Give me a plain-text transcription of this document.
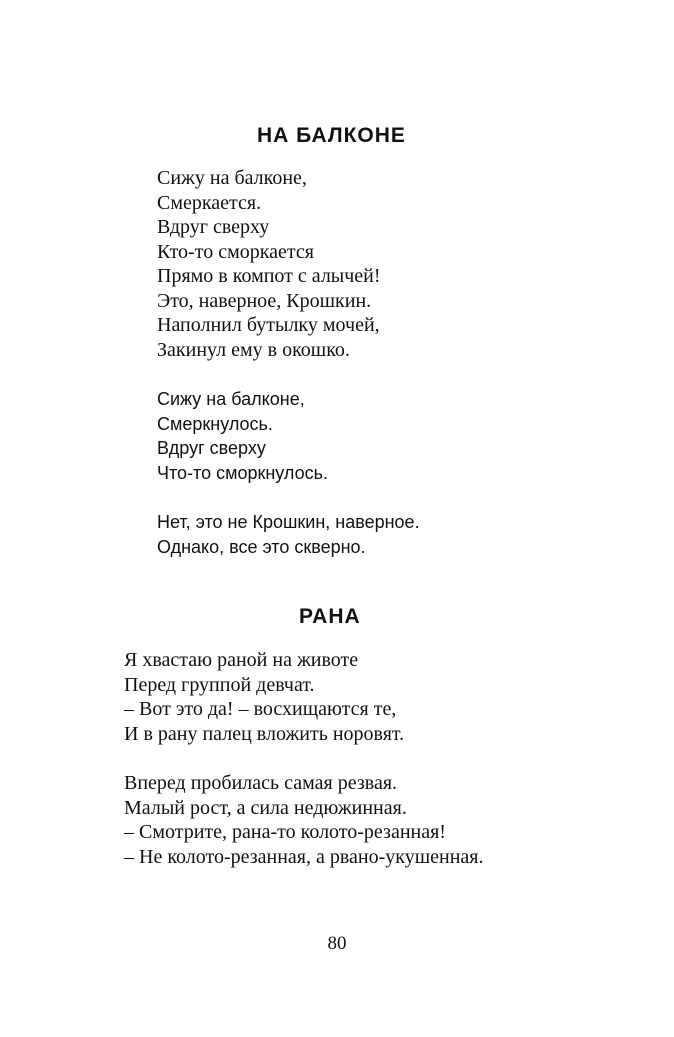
НА БАЛКОНЕ
Сижу на балконе,
Смеркается.
Вдруг сверху
Кто-то сморкается
Прямо в компот с алычей!
Это, наверное, Крошкин.
Наполнил бутылку мочей,
Закинул ему в окошко.
Сижу на балконе,
Смеркнулось.
Вдруг сверху
Что-то сморкнулось.
Нет, это не Крошкин, наверное.
Однако, все это скверно.
РАНА
Я хвастаю раной на животе
Перед группой девчат.
– Вот это да! – восхищаются те,
И в рану палец вложить норовят.
Вперед пробилась самая резвая.
Малый рост, а сила недюжинная.
– Смотрите, рана-то колото-резанная!
– Не колото-резанная, а рвано-укушенная.
80
